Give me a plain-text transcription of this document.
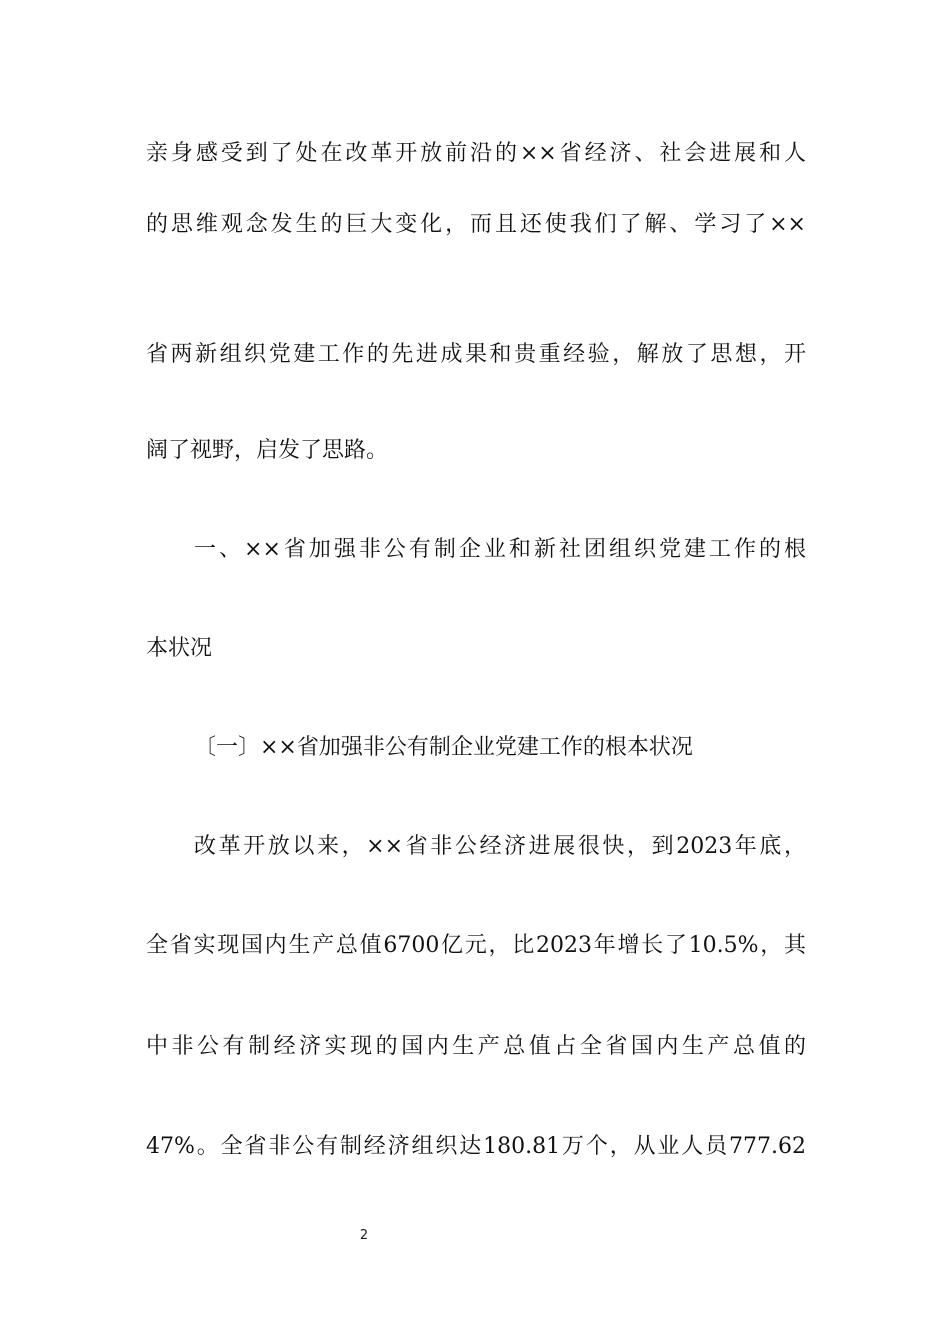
亲身感受到了处在改革开放前沿的××省经济、社会进展和人
的思维观念发生的巨大变化，而且还使我们了解、学习了××
省两新组织党建工作的先进成果和贵重经验，解放了思想，开
阔了视野，启发了思路。
一、××省加强非公有制企业和新社团组织党建工作的根
本状况
〔一〕××省加强非公有制企业党建工作的根本状况
改革开放以来，××省非公经济进展很快，到2023年底，
全省实现国内生产总值6700亿元，比2023年增长了10.5%，其
中非公有制经济实现的国内生产总值占全省国内生产总值的
47%。全省非公有制经济组织达180.81万个，从业人员777.62
2
